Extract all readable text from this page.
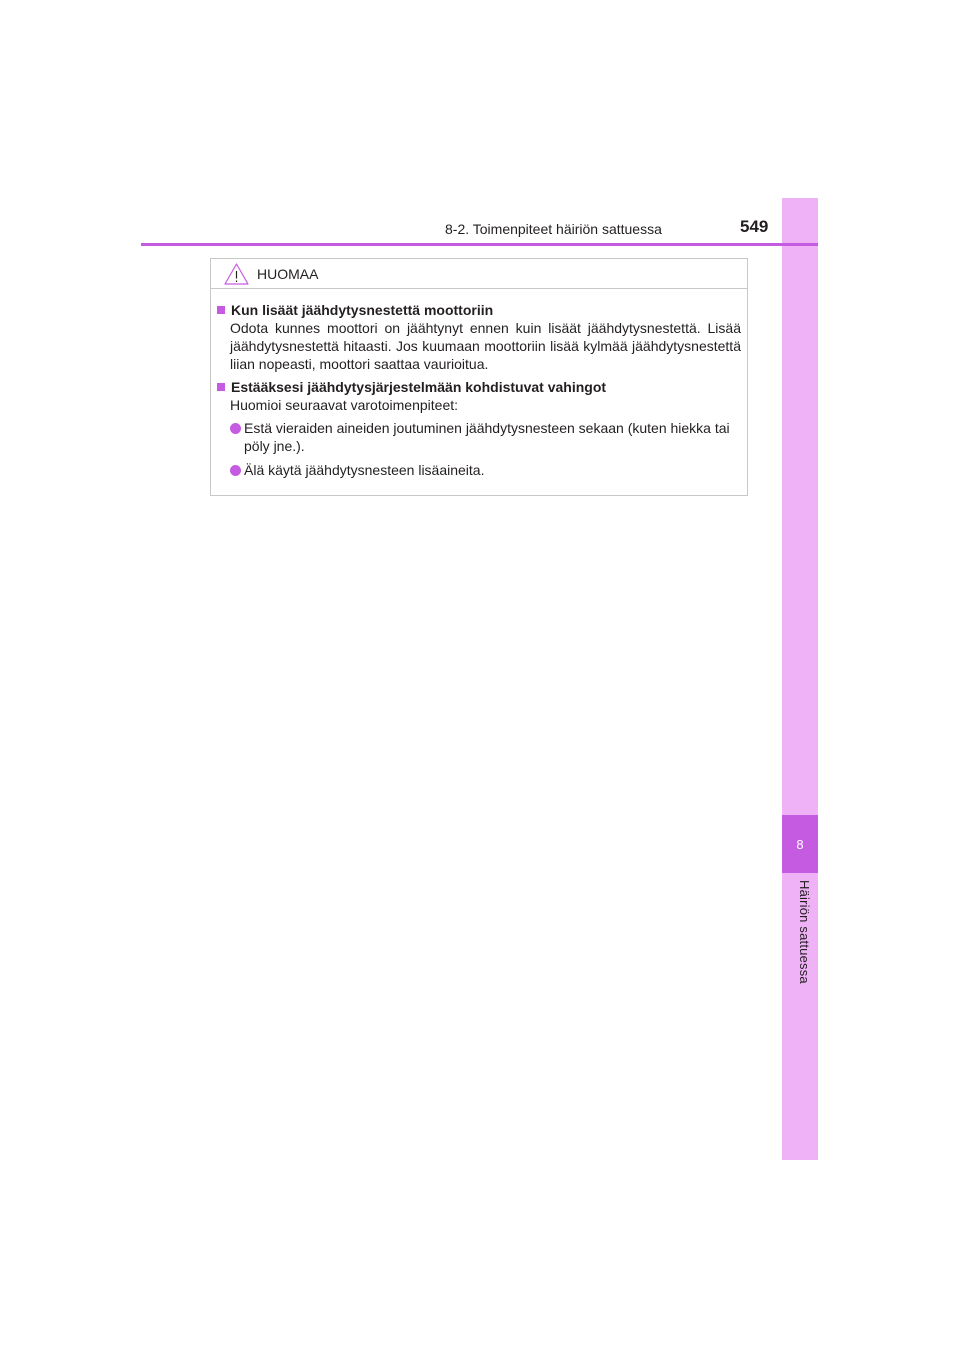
8
Häiriön sattuessa
8-2. Toimenpiteet häiriön sattuessa	549
HUOMAA
Kun lisäät jäähdytysnestettä moottoriin
Odota kunnes moottori on jäähtynyt ennen kuin lisäät jäähdytysnestettä. Lisää jäähdytysnestettä hitaasti. Jos kuumaan moottoriin lisää kylmää jäähdytysnestettä liian nopeasti, moottori saattaa vaurioitua.
Estääksesi jäähdytysjärjestelmään kohdistuvat vahingot
Huomioi seuraavat varotoimenpiteet:
Estä vieraiden aineiden joutuminen jäähdytysnesteen sekaan (kuten hiekka tai pöly jne.).
Älä käytä jäähdytysnesteen lisäaineita.
